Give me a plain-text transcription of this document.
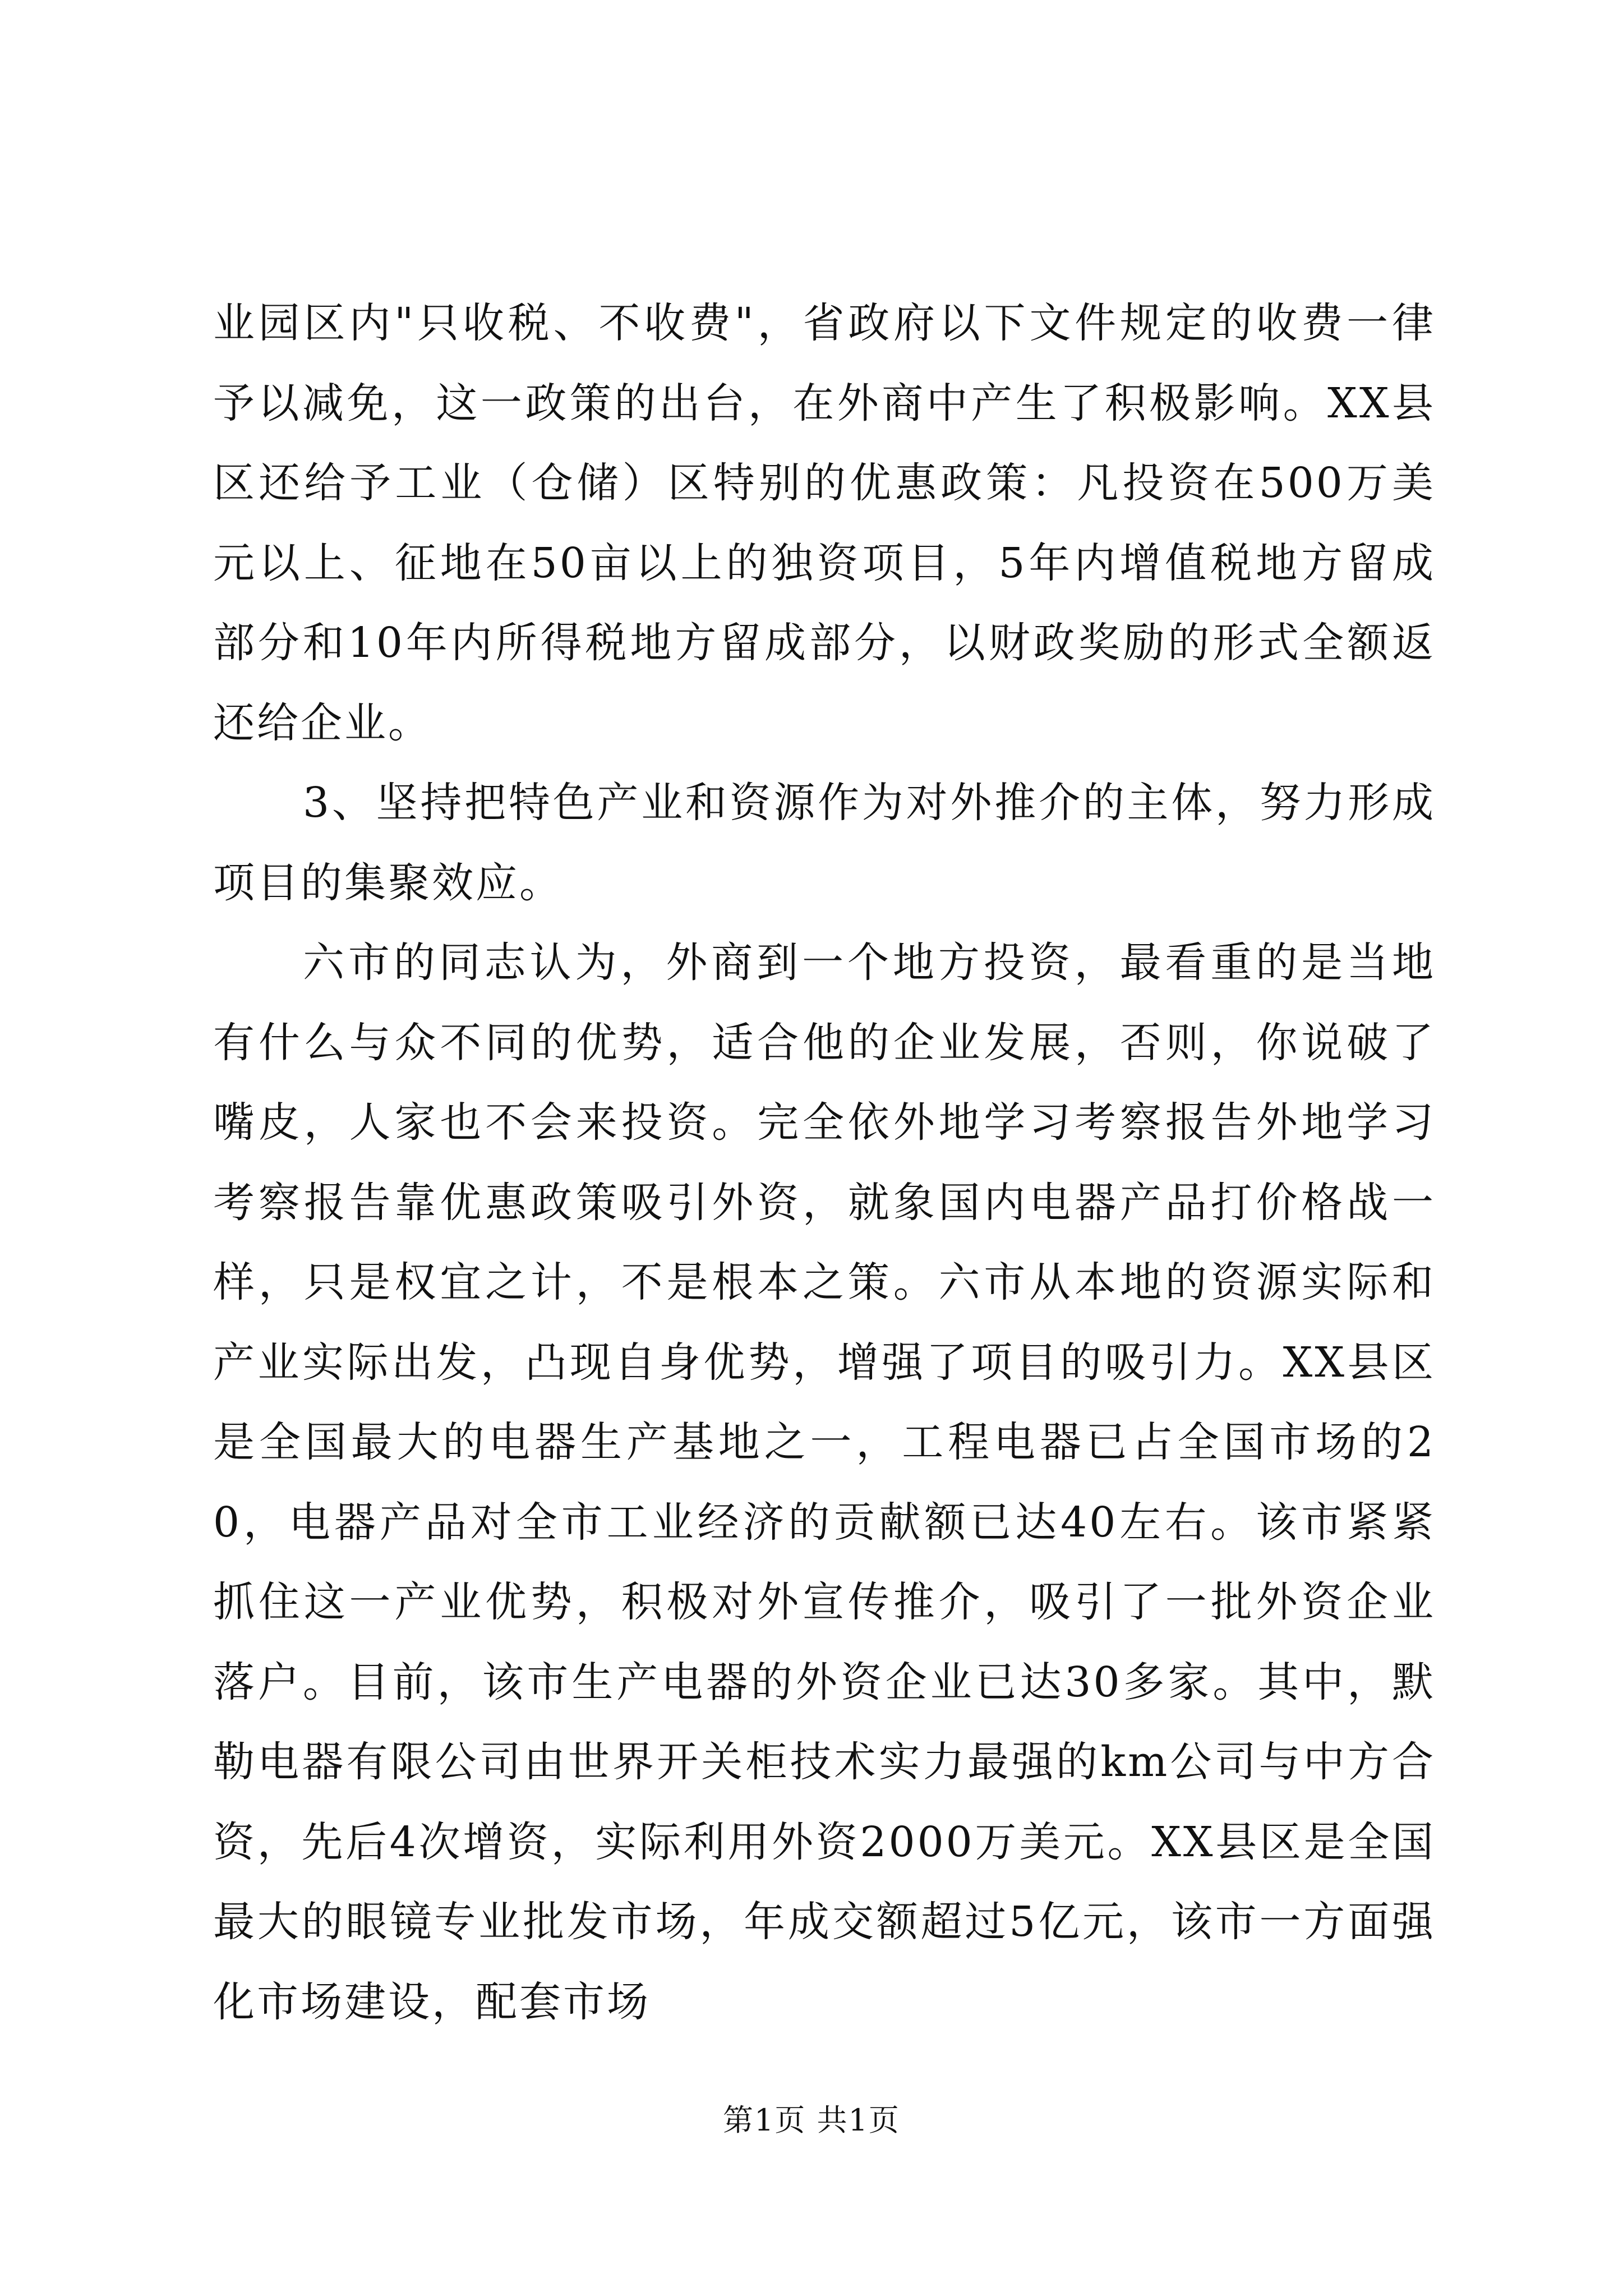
业园区内"只收税、不收费"，省政府以下文件规定的收费一律予以减免，这一政策的出台，在外商中产生了积极影响。XX县区还给予工业（仓储）区特别的优惠政策：凡投资在500万美元以上、征地在50亩以上的独资项目，5年内增值税地方留成部分和10年内所得税地方留成部分，以财政奖励的形式全额返还给企业。

3、坚持把特色产业和资源作为对外推介的主体，努力形成项目的集聚效应。

六市的同志认为，外商到一个地方投资，最看重的是当地有什么与众不同的优势，适合他的企业发展，否则，你说破了嘴皮，人家也不会来投资。完全依外地学习考察报告外地学习考察报告靠优惠政策吸引外资，就象国内电器产品打价格战一样，只是权宜之计，不是根本之策。六市从本地的资源实际和产业实际出发，凸现自身优势，增强了项目的吸引力。XX县区是全国最大的电器生产基地之一，工程电器已占全国市场的20，电器产品对全市工业经济的贡献额已达40左右。该市紧紧抓住这一产业优势，积极对外宣传推介，吸引了一批外资企业落户。目前，该市生产电器的外资企业已达30多家。其中，默勒电器有限公司由世界开关柜技术实力最强的km公司与中方合资，先后4次增资，实际利用外资2000万美元。XX县区是全国最大的眼镜专业批发市场，年成交额超过5亿元，该市一方面强化市场建设，配套市场

第1页 共1页
